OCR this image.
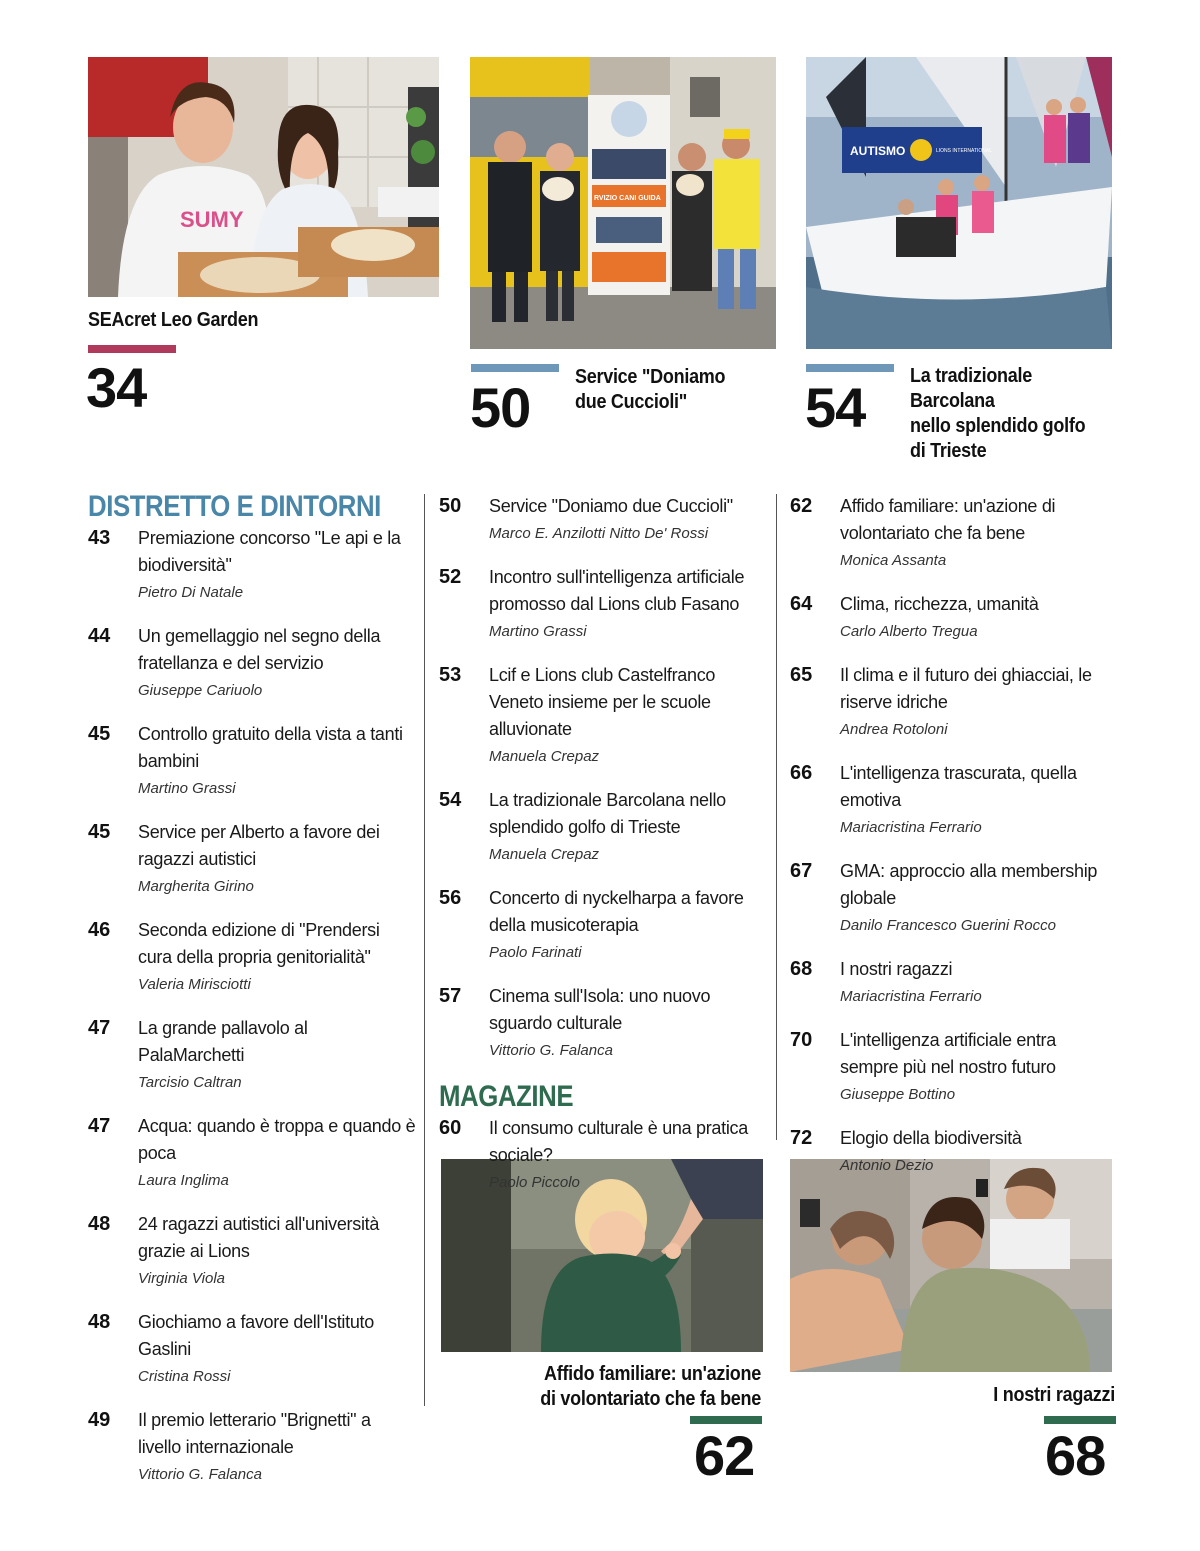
SUMY
RVIZIO CANI GUIDA
AUTISMO	LIONS INTERNATIONAL
SEAcret Leo Garden
34	50 Service "Doniamo
due Cuccioli"	54 La tradizionale
Barcolana
nello splendido golfo
di Trieste
Affido familiare: un'azione
di volontariato che fa bene
62
I nostri ragazzi
68
DISTRETTO E DINTORNI
43	Premiazione concorso "Le api e la biodiversità"
Pietro Di Natale
44	Un gemellaggio nel segno della fratellanza e del servizio
Giuseppe Cariuolo
45	Controllo gratuito della vista a tanti bambini
Martino Grassi
45	Service per Alberto a favore dei ragazzi autistici
Margherita Girino
46	Seconda edizione di "Prendersi cura della propria genitorialità"
Valeria Mirisciotti
47	La grande pallavolo al PalaMarchetti
Tarcisio Caltran
47	Acqua: quando è troppa e quando è poca
Laura Inglima
48	24 ragazzi autistici all'università grazie ai Lions
Virginia Viola
48	Giochiamo a favore dell'Istituto Gaslini
Cristina Rossi
49	Il premio letterario "Brignetti" a livello internazionale
Vittorio G. Falanca
50	Service "Doniamo due Cuccioli"
Marco E. Anzilotti Nitto De' Rossi
52	Incontro sull'intelligenza artificiale promosso dal Lions club Fasano
Martino Grassi
53	Lcif e Lions club Castelfranco Veneto insieme per le scuole alluvionate
Manuela Crepaz
54	La tradizionale Barcolana nello splendido golfo di Trieste
Manuela Crepaz
56	Concerto di nyckelharpa a favore della musicoterapia
Paolo Farinati
57	Cinema sull'Isola: uno nuovo sguardo culturale
Vittorio G. Falanca
MAGAZINE
60	Il consumo culturale è una pratica sociale?
Paolo Piccolo
62	Affido familiare: un'azione di volontariato che fa bene
Monica Assanta
64	Clima, ricchezza, umanità
Carlo Alberto Tregua
65	Il clima e il futuro dei ghiacciai, le riserve idriche
Andrea Rotoloni
66	L'intelligenza trascurata, quella emotiva
Mariacristina Ferrario
67	GMA: approccio alla membership globale
Danilo Francesco Guerini Rocco
68	I nostri ragazzi
Mariacristina Ferrario
70	L'intelligenza artificiale entra sempre più nel nostro futuro
Giuseppe Bottino
72	Elogio della biodiversità
Antonio Dezio
